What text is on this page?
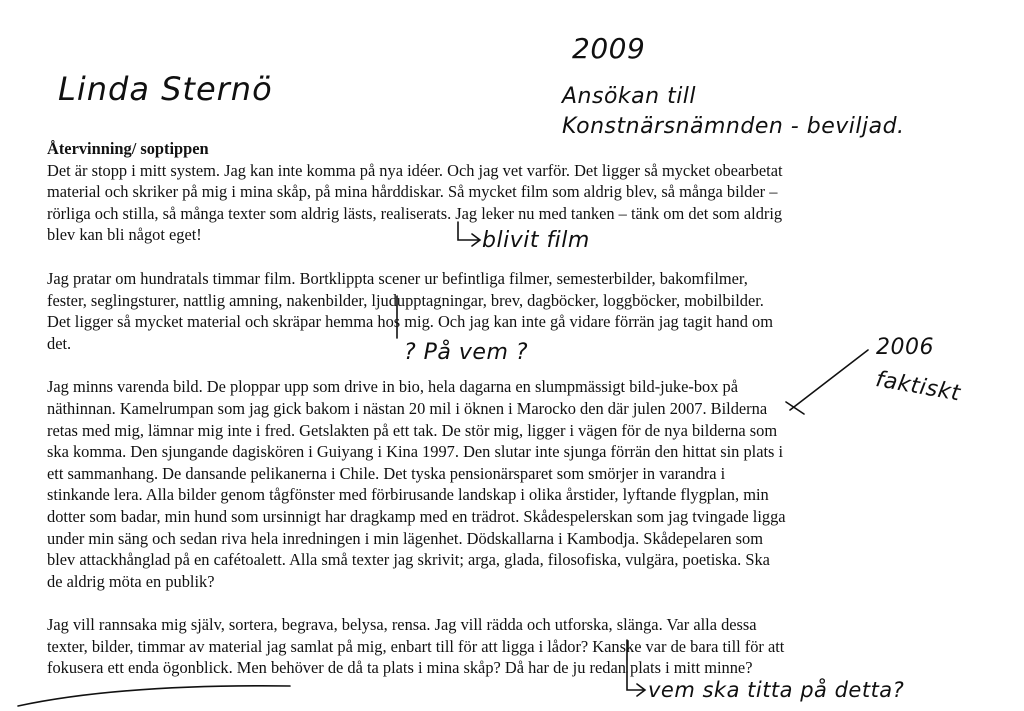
Linda Sternö
2009
Ansökan till
Konstnärsnämnden - beviljad.

Återvinning/ soptippen

Det är stopp i mitt system. Jag kan inte komma på nya idéer. Och jag vet varför. Det ligger så mycket obearbetat
material och skriker på mig i mina skåp, på mina hårddiskar. Så mycket film som aldrig blev, så många bilder –
rörliga och stilla, så många texter som aldrig lästs, realiserats. Jag leker nu med tanken – tänk om det som aldrig
blev kan bli något eget!

Jag pratar om hundratals timmar film. Bortklippta scener ur befintliga filmer, semesterbilder, bakomfilmer,
fester, seglingsturer, nattlig amning, nakenbilder, ljudupptagningar, brev, dagböcker, loggböcker, mobilbilder.
Det ligger så mycket material och skräpar hemma hos mig. Och jag kan inte gå vidare förrän jag tagit hand om
det.

Jag minns varenda bild. De ploppar upp som drive in bio, hela dagarna en slumpmässigt bild-juke-box på
näthinnan. Kamelrumpan som jag gick bakom i nästan 20 mil i öknen i Marocko den där julen 2007. Bilderna
retas med mig, lämnar mig inte i fred. Getslakten på ett tak. De stör mig, ligger i vägen för de nya bilderna som
ska komma. Den sjungande dagiskören i Guiyang i Kina 1997. Den slutar inte sjunga förrän den hittat sin plats i
ett sammanhang. De dansande pelikanerna i Chile. Det tyska pensionärsparet som smörjer in varandra i
stinkande lera. Alla bilder genom tågfönster med förbirusande landskap i olika årstider, lyftande flygplan, min
dotter som badar, min hund som ursinnigt har dragkamp med en trädrot. Skådespelerskan som jag tvingade ligga
under min säng och sedan riva hela inredningen i min lägenhet. Dödskallarna i Kambodja. Skådepelaren som
blev attackhånglad på en cafétoalett. Alla små texter jag skrivit; arga, glada, filosofiska, vulgära, poetiska. Ska
de aldrig möta en publik?

Jag vill rannsaka mig själv, sortera, begrava, belysa, rensa. Jag vill rädda och utforska, slänga. Var alla dessa
texter, bilder, timmar av material jag samlat på mig, enbart till för att ligga i lådor? Kanske var de bara till för att
fokusera ett enda ögonblick. Men behöver de då ta plats i mina skåp? Då har de ju redan plats i mitt minne?

blivit film
? På vem ?	2006
faktiskt
vem ska titta på detta?
